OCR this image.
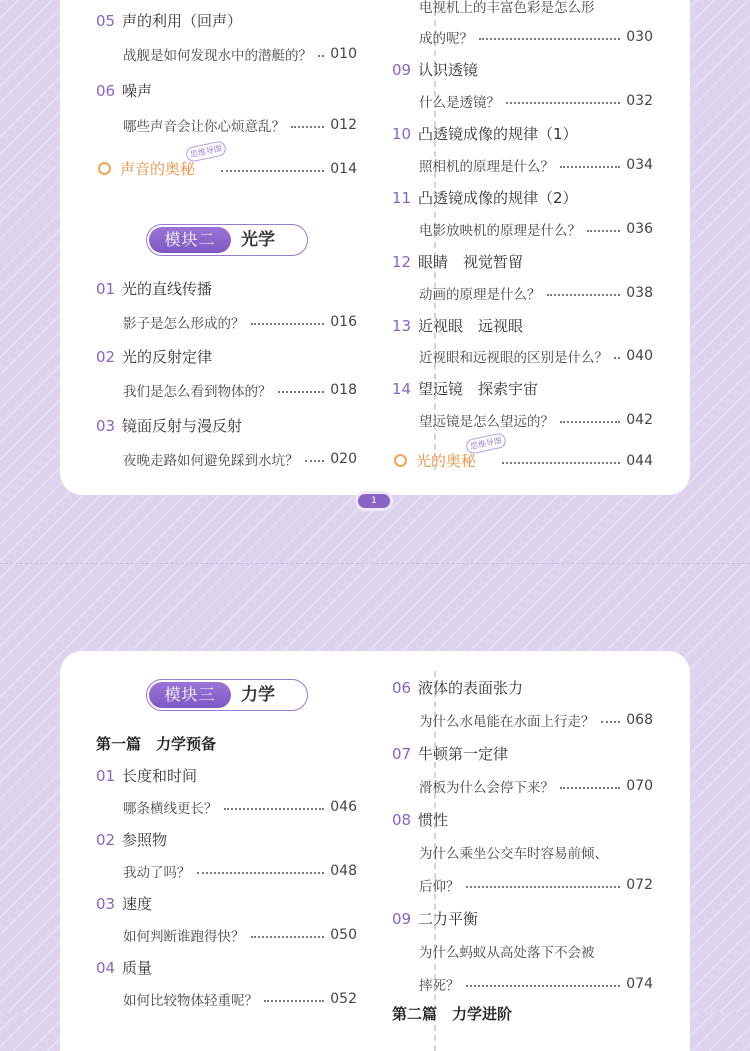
05 声的利用（回声）
战舰是如何发现水中的潜艇的？ 010
06 噪声
哪些声音会让你心烦意乱？	012
声音的奥秘
思维导图
014
模块二	光学
01 光的直线传播
影子是怎么形成的？	016
02 光的反射定律
我们是怎么看到物体的？	018
03 镜面反射与漫反射
夜晚走路如何避免踩到水坑？ 020
电视机上的丰富色彩是怎么形
成的呢？	030
09 认识透镜
什么是透镜？	032
10 凸透镜成像的规律（1）
照相机的原理是什么？	034
11 凸透镜成像的规律（2）
电影放映机的原理是什么？	036
12 眼睛　视觉暂留
动画的原理是什么？	038
13 近视眼　远视眼
近视眼和远视眼的区别是什么？ 040
14 望远镜　探索宇宙
望远镜是怎么望远的？	042
光的奥秘
思维导图
044
1
模块三	力学
第一篇　力学预备
01 长度和时间
哪条横线更长？	046
02 参照物
我动了吗？	048
03 速度
如何判断谁跑得快？	050
04 质量
如何比较物体轻重呢？	052
06 液体的表面张力
为什么水黾能在水面上行走？ 068
07 牛顿第一定律
滑板为什么会停下来？	070
08 惯性
为什么乘坐公交车时容易前倾、
后仰？	072
09 二力平衡
为什么蚂蚁从高处落下不会被
摔死？	074
第二篇　力学进阶
